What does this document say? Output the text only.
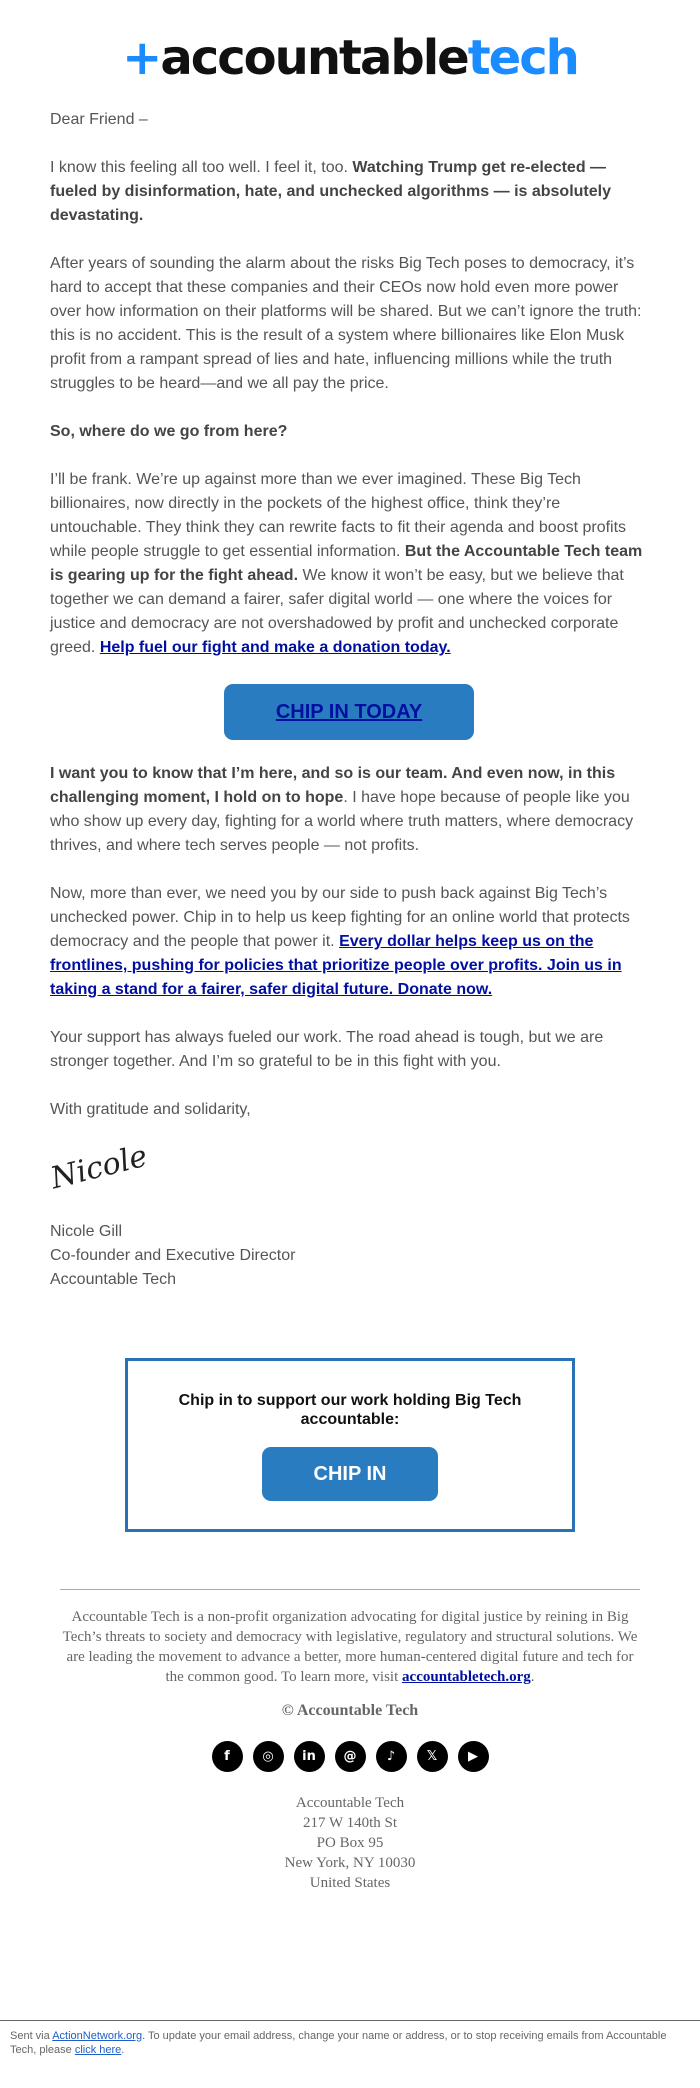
+accountabletech

Dear Friend –

I know this feeling all too well. I feel it, too. Watching Trump get re-elected — fueled by disinformation, hate, and unchecked algorithms — is absolutely devastating.

After years of sounding the alarm about the risks Big Tech poses to democracy, it’s hard to accept that these companies and their CEOs now hold even more power over how information on their platforms will be shared. But we can’t ignore the truth: this is no accident. This is the result of a system where billionaires like Elon Musk profit from a rampant spread of lies and hate, influencing millions while the truth struggles to be heard—and we all pay the price.

So, where do we go from here?

I’ll be frank. We’re up against more than we ever imagined. These Big Tech billionaires, now directly in the pockets of the highest office, think they’re untouchable. They think they can rewrite facts to fit their agenda and boost profits while people struggle to get essential information. But the Accountable Tech team is gearing up for the fight ahead. We know it won’t be easy, but we believe that together we can demand a fairer, safer digital world — one where the voices for justice and democracy are not overshadowed by profit and unchecked corporate greed. Help fuel our fight and make a donation today.

CHIP IN TODAY

I want you to know that I’m here, and so is our team. And even now, in this challenging moment, I hold on to hope. I have hope because of people like you who show up every day, fighting for a world where truth matters, where democracy thrives, and where tech serves people — not profits.

Now, more than ever, we need you by our side to push back against Big Tech’s unchecked power. Chip in to help us keep fighting for an online world that protects democracy and the people that power it. Every dollar helps keep us on the frontlines, pushing for policies that prioritize people over profits. Join us in taking a stand for a fairer, safer digital future. Donate now.

Your support has always fueled our work. The road ahead is tough, but we are stronger together. And I’m so grateful to be in this fight with you.

With gratitude and solidarity,

Nicole
Nicole Gill
Co-founder and Executive Director
Accountable Tech
Chip in to support our work holding Big Tech accountable:
CHIP IN
Accountable Tech is a non-profit organization advocating for digital justice by reining in Big Tech’s threats to society and democracy with legislative, regulatory and structural solutions. We are leading the movement to advance a better, more human-centered digital future and tech for the common good. To learn more, visit accountabletech.org.
© Accountable Tech
f	◎ in @ ♪ 𝕏 ▶
Accountable Tech
217 W 140th St
PO Box 95
New York, NY 10030
United States
Sent via ActionNetwork.org. To update your email address, change your name or address, or to stop receiving emails from Accountable Tech, please click here.
